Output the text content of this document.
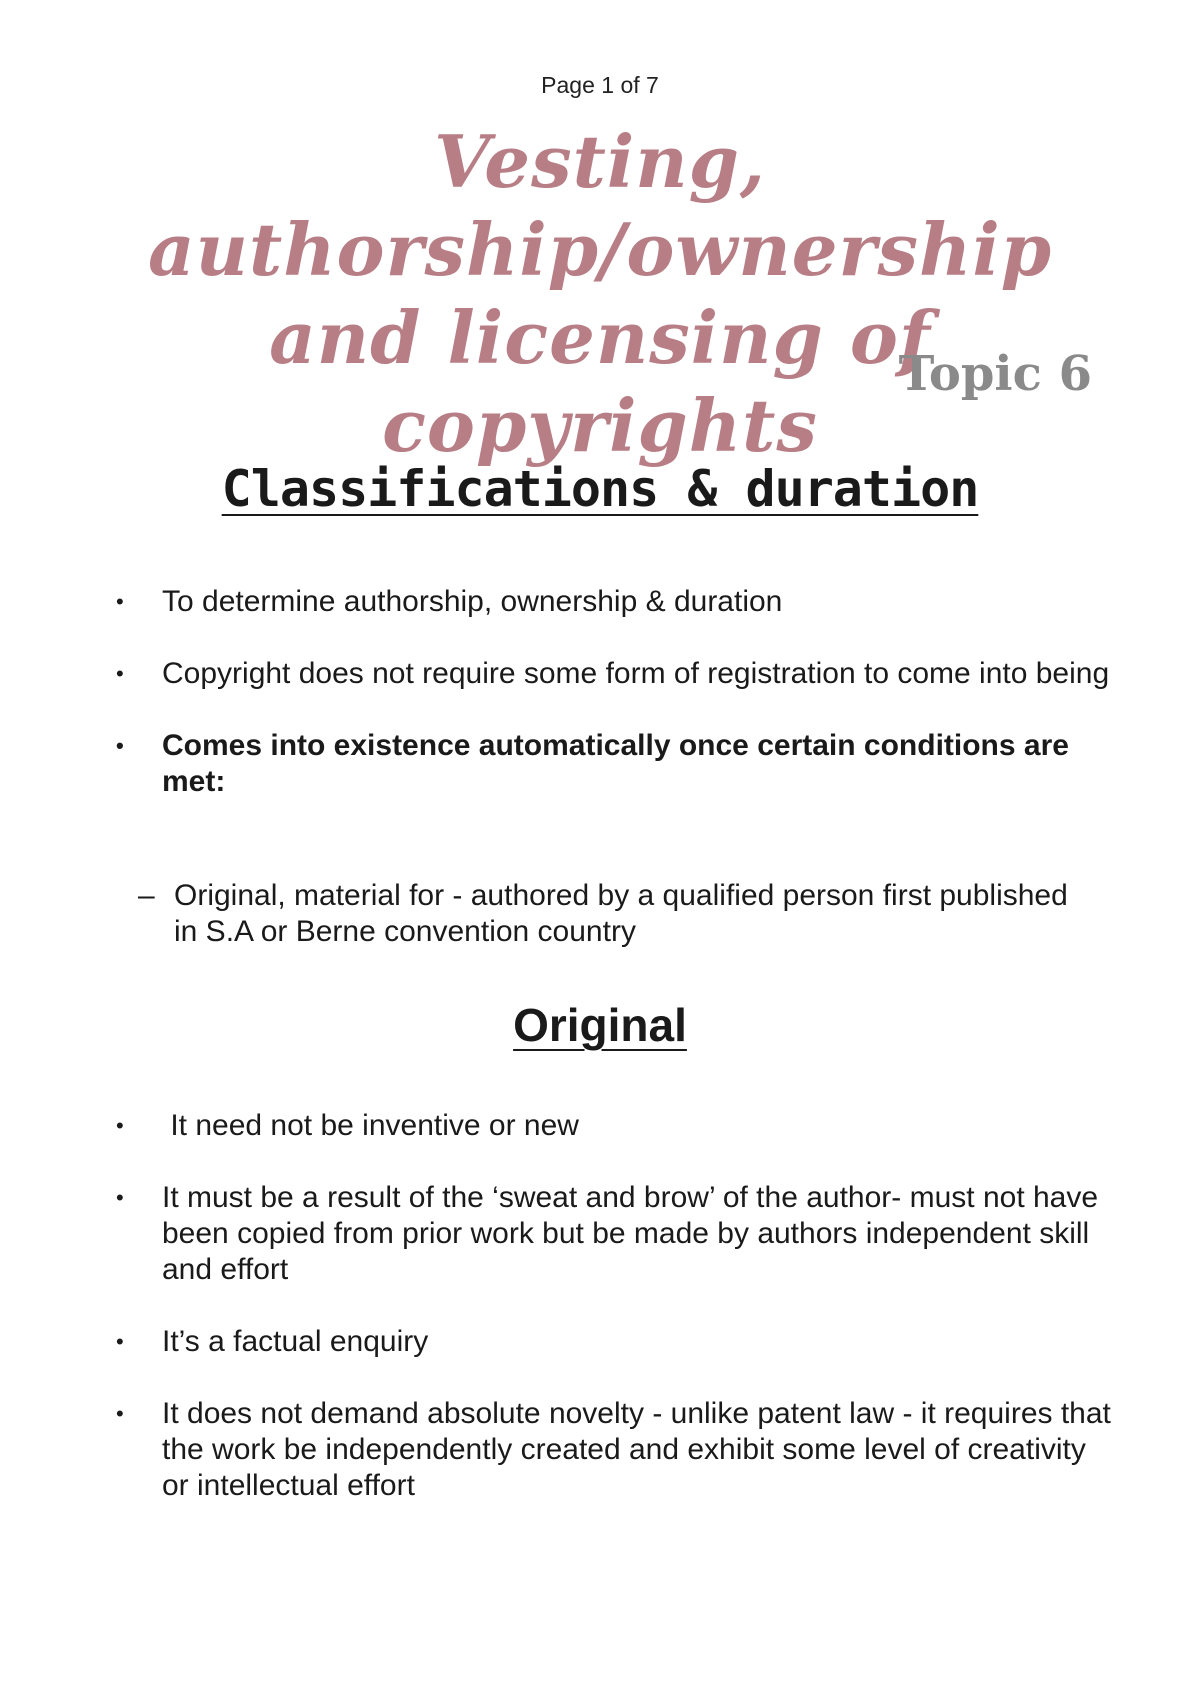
Page 1 of 7
Vesting, authorship/ownership
and licensing of copyrights
Topic 6
Classifications & duration
• To determine authorship, ownership & duration
• Copyright does not require some form of registration to come into being
• Comes into existence automatically once certain conditions are met:
– Original, material for - authored by a qualified person first published in S.A or Berne convention country
Original
• It need not be inventive or new
• It must be a result of the ‘sweat and brow’ of the author- must not have been copied from prior work but be made by authors independent skill and effort
• It’s a factual enquiry
• It does not demand absolute novelty - unlike patent law - it requires that the work be independently created and exhibit some level of creativity or intellectual effort
